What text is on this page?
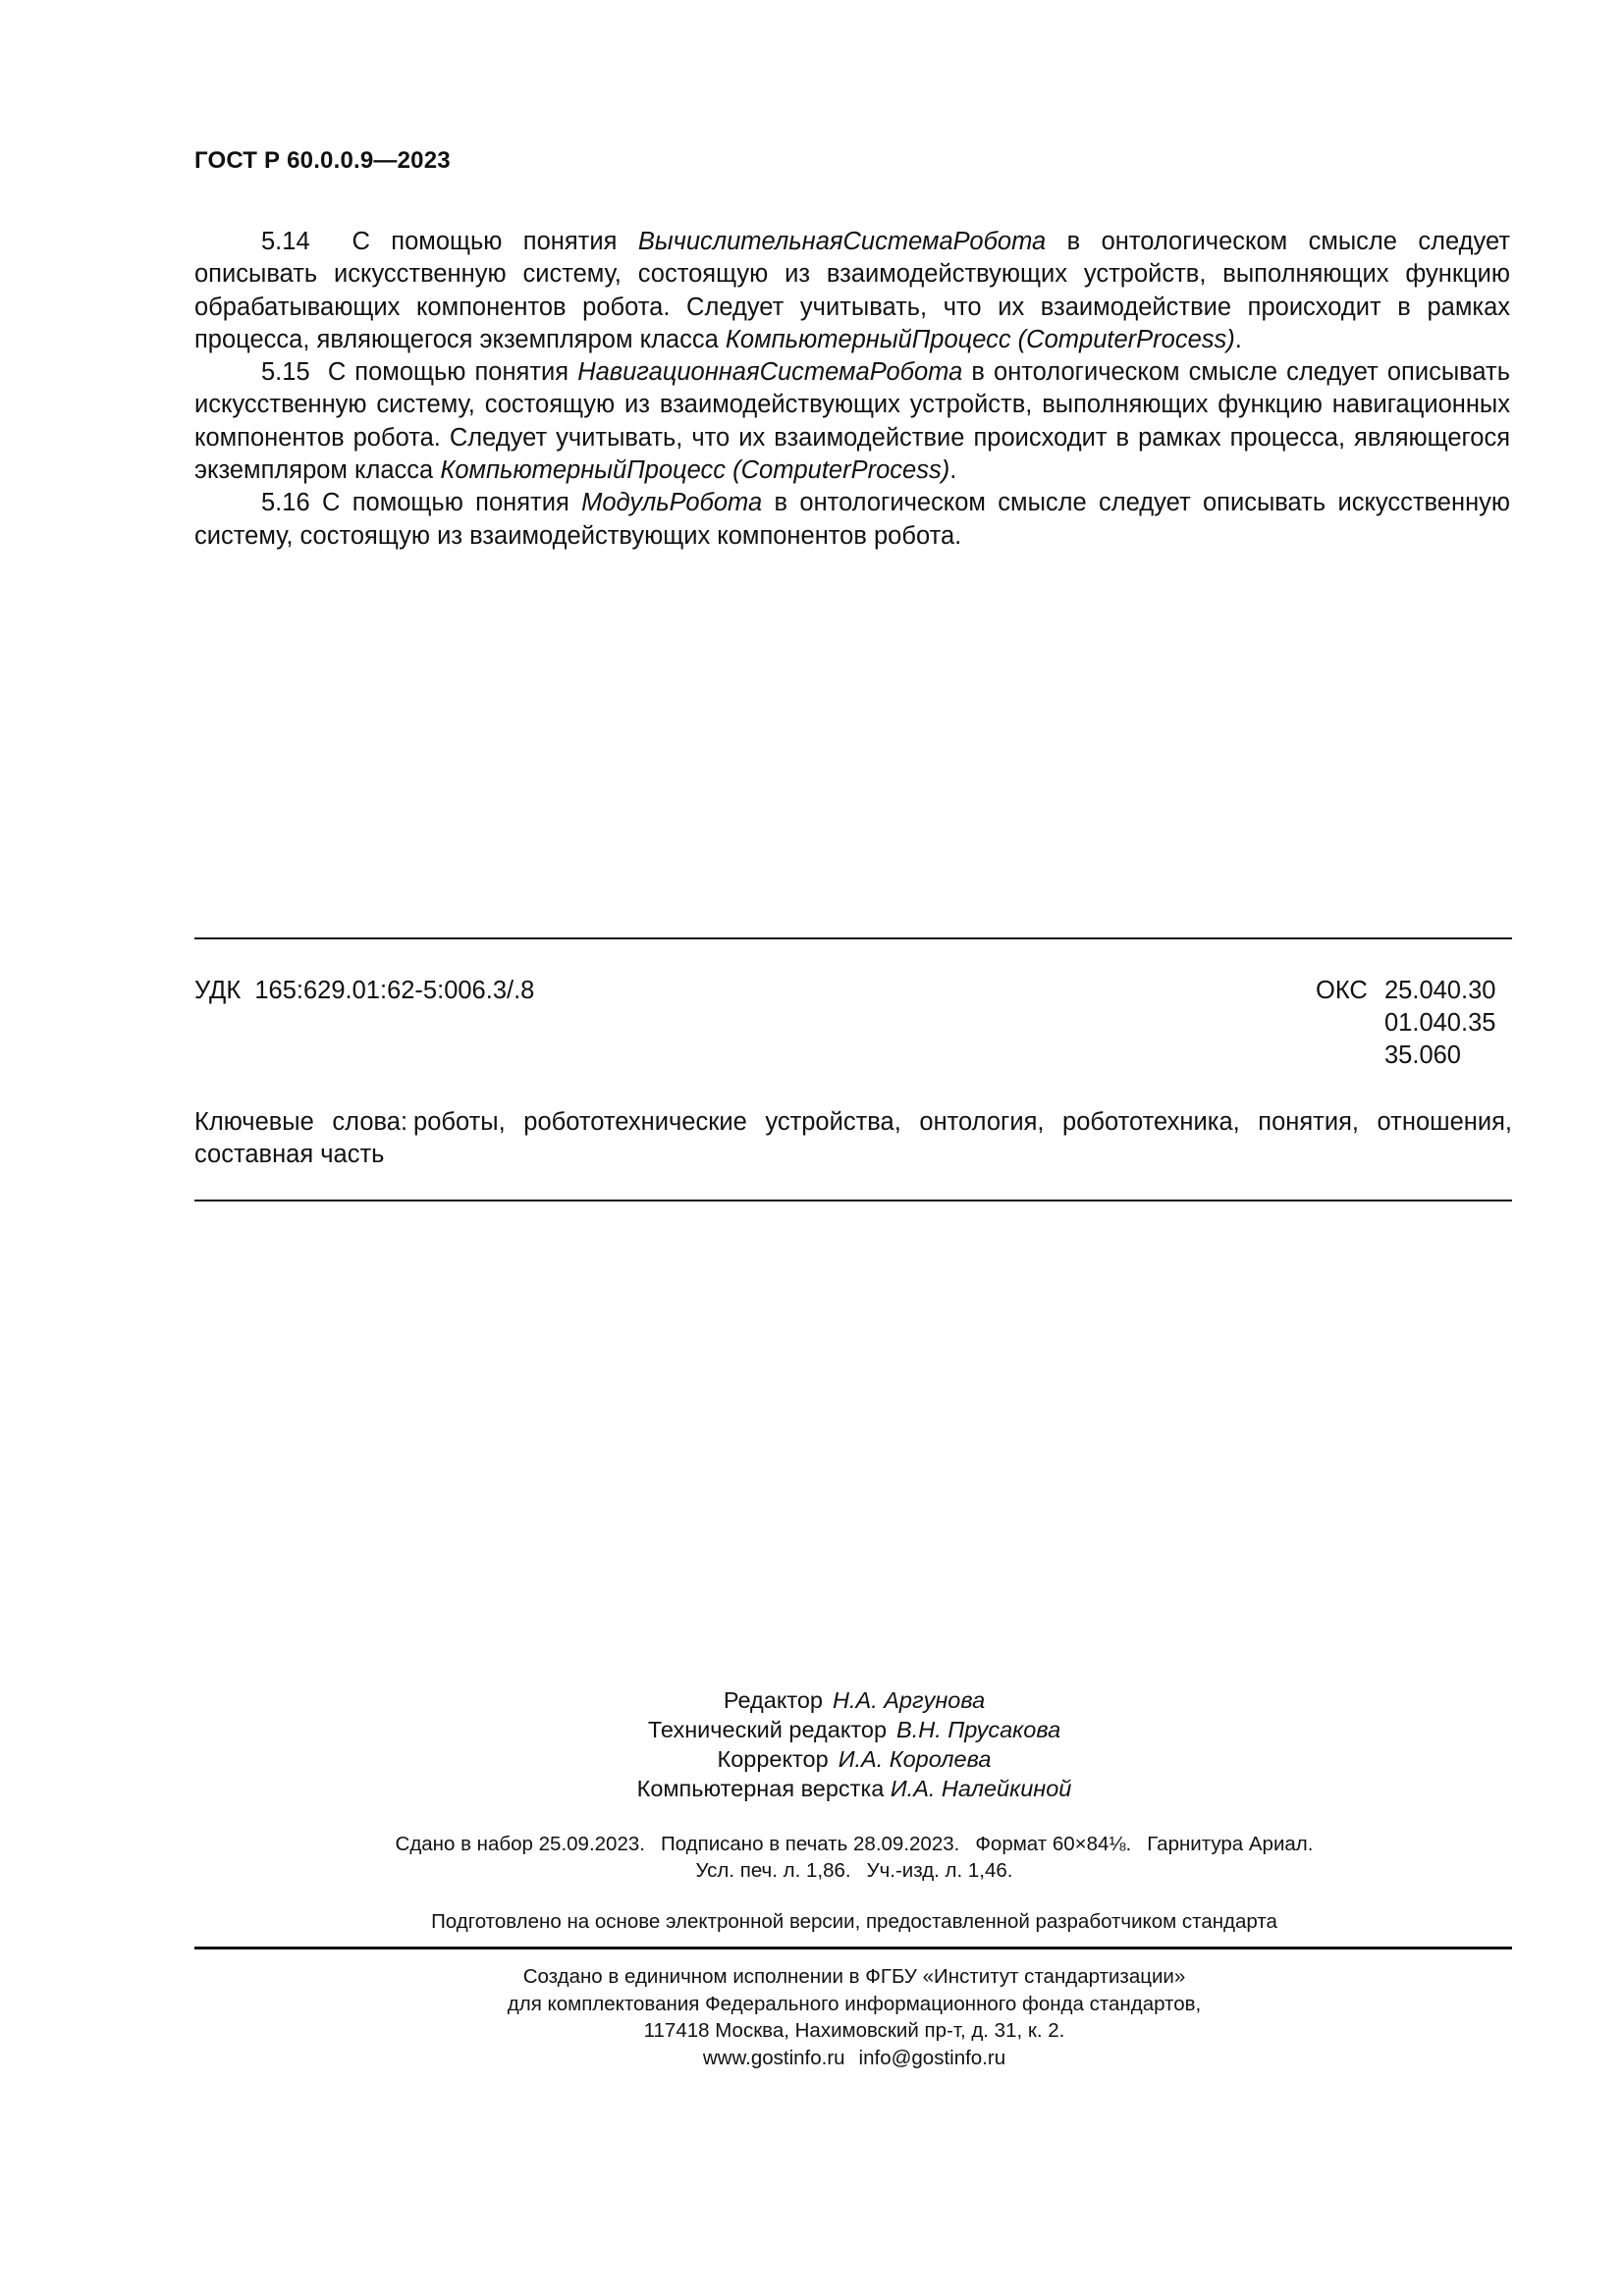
ГОСТ Р 60.0.0.9—2023

5.14 С помощью понятия ВычислительнаяСистемаРобота в онтологическом смысле следует описывать искусственную систему, состоящую из взаимодействующих устройств, выполняющих функцию обрабатывающих компонентов робота. Следует учитывать, что их взаимодействие происходит в рамках процесса, являющегося экземпляром класса КомпьютерныйПроцесс (ComputerProcess).

5.15 С помощью понятия НавигационнаяСистемаРобота в онтологическом смысле следует описывать искусственную систему, состоящую из взаимодействующих устройств, выполняющих функцию навигационных компонентов робота. Следует учитывать, что их взаимодействие происходит в рамках процесса, являющегося экземпляром класса КомпьютерныйПроцесс (ComputerProcess).

5.16 С помощью понятия МодульРобота в онтологическом смысле следует описывать искусственную систему, состоящую из взаимодействующих компонентов робота.

УДК 165:629.01:62-5:006.3/.8	ОКС 25.040.30
01.040.35
35.060
Ключевые слова: роботы, робототехнические устройства, онтология, робототехника, понятия, отношения, составная часть
Редактор Н.А. Аргунова
Технический редактор В.Н. Прусакова
Корректор И.А. Королева
Компьютерная верстка И.А. Налейкиной
Сдано в набор 25.09.2023. Подписано в печать 28.09.2023. Формат 60×84⅛. Гарнитура Ариал.
Усл. печ. л. 1,86. Уч.-изд. л. 1,46.
Подготовлено на основе электронной версии, предоставленной разработчиком стандарта
Создано в единичном исполнении в ФГБУ «Институт стандартизации»
для комплектования Федерального информационного фонда стандартов,
117418 Москва, Нахимовский пр-т, д. 31, к. 2.
www.gostinfo.ru info@gostinfo.ru
